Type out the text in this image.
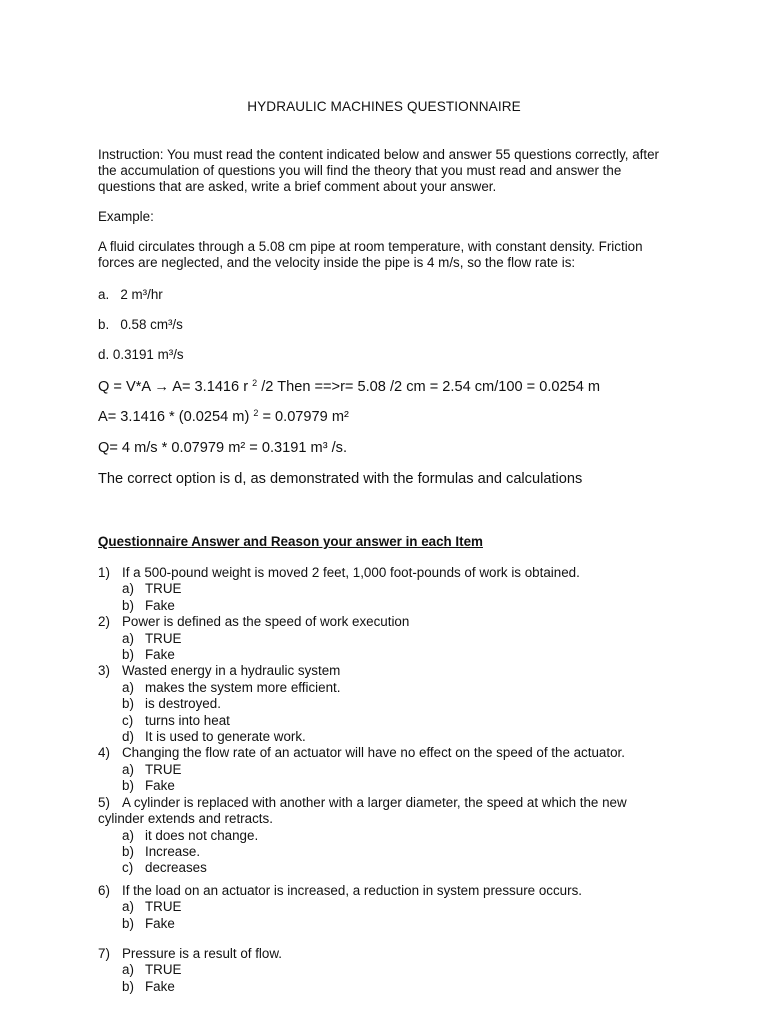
HYDRAULIC MACHINES QUESTIONNAIRE
Instruction: You must read the content indicated below and answer 55 questions correctly, after
the accumulation of questions you will find the theory that you must read and answer the
questions that are asked, write a brief comment about your answer.
Example:
A fluid circulates through a 5.08 cm pipe at room temperature, with constant density. Friction
forces are neglected, and the velocity inside the pipe is 4 m/s, so the flow rate is:
a. 2 m³/hr
b. 0.58 cm³/s
d. 0.3191 m³/s
Q = V*A → A= 3.1416 r $^2$ /2 Then ==>r= 5.08 /2 cm = 2.54 cm/100 = 0.0254 m
A= 3.1416 * (0.0254 m) $^2$ = 0.07979 m²
Q= 4 m/s * 0.07979 m² = 0.3191 m³ /s.
The correct option is d, as demonstrated with the formulas and calculations
Questionnaire Answer and Reason your answer in each Item
1) If a 500-pound weight is moved 2 feet, 1,000 foot-pounds of work is obtained.
a) TRUE
b) Fake
2) Power is defined as the speed of work execution
a) TRUE
b) Fake
3) Wasted energy in a hydraulic system
a) makes the system more efficient.
b) is destroyed.
c) turns into heat
d) It is used to generate work.
4) Changing the flow rate of an actuator will have no effect on the speed of the actuator.
a) TRUE
b) Fake
5) A cylinder is replaced with another with a larger diameter, the speed at which the new
cylinder extends and retracts.
a) it does not change.
b) Increase.
c) decreases
6) If the load on an actuator is increased, a reduction in system pressure occurs.
a) TRUE
b) Fake
7) Pressure is a result of flow.
a) TRUE
b) Fake
